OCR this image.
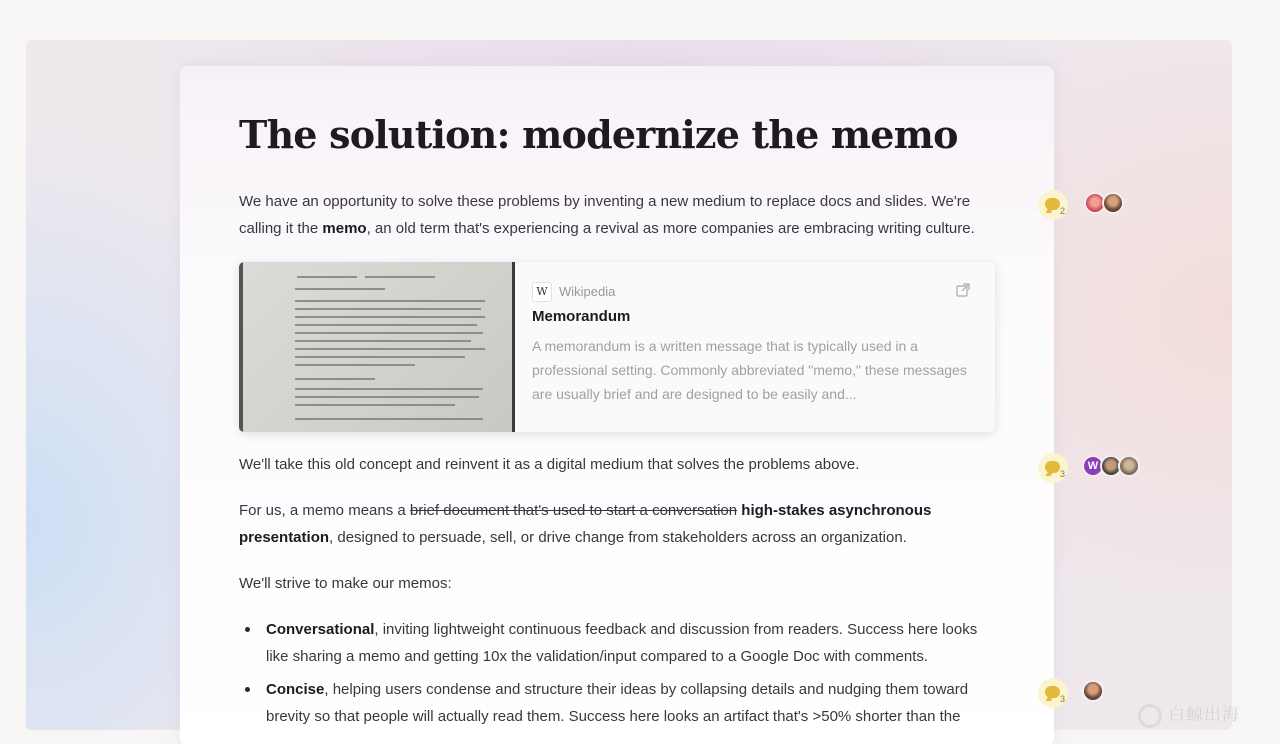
The solution: modernize the memo

We have an opportunity to solve these problems by inventing a new medium to replace docs and slides. We're calling it the memo, an old term that's experiencing a revival as more companies are embracing writing culture.

W Wikipedia
Memorandum
A memorandum is a written message that is typically used in a professional setting. Commonly abbreviated "memo," these messages are usually brief and are designed to be easily and...

We'll take this old concept and reinvent it as a digital medium that solves the problems above.

For us, a memo means a brief document that's used to start a conversation high-stakes asynchronous presentation, designed to persuade, sell, or drive change from stakeholders across an organization.

We'll strive to make our memos:

Conversational, inviting lightweight continuous feedback and discussion from readers. Success here looks like sharing a memo and getting 10x the validation/input compared to a Google Doc with comments.
Concise, helping users condense and structure their ideas by collapsing details and nudging them toward brevity so that people will actually read them. Success here looks an artifact that's >50% shorter than the
2
3
W
3
白鲸出海
